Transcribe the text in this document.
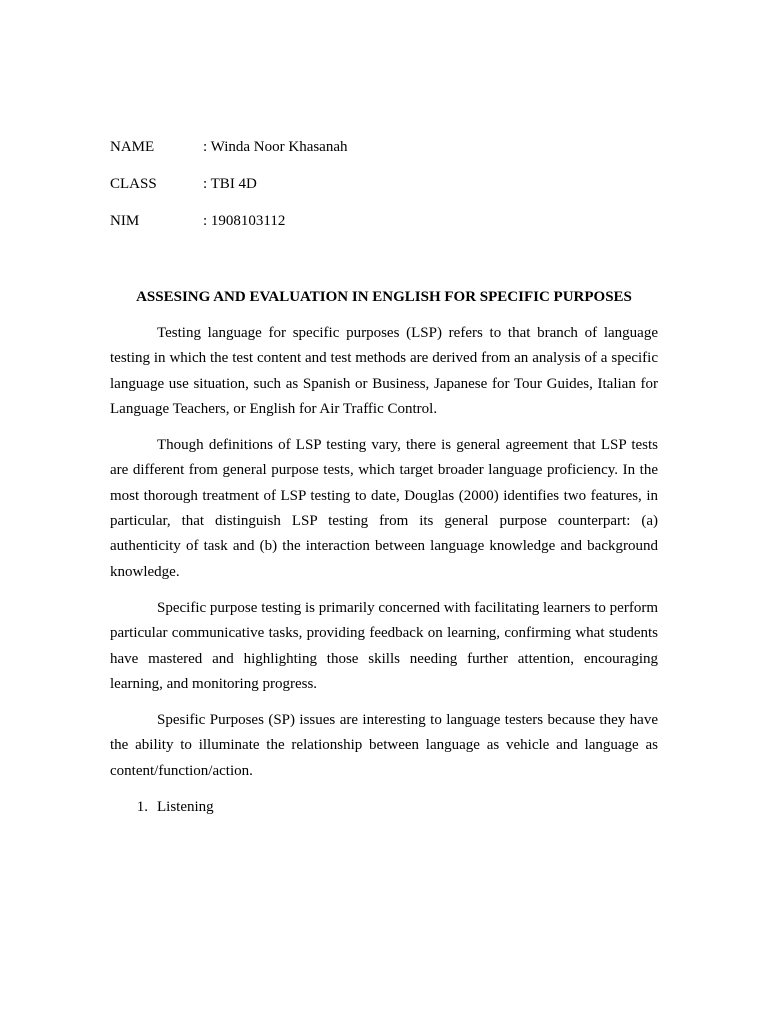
NAME	: Winda Noor Khasanah
CLASS	: TBI 4D
NIM	: 1908103112

ASSESING AND EVALUATION IN ENGLISH FOR SPECIFIC PURPOSES

Testing language for specific purposes (LSP) refers to that branch of language testing in which the test content and test methods are derived from an analysis of a specific language use situation, such as Spanish or Business, Japanese for Tour Guides, Italian for Language Teachers, or English for Air Traffic Control.

Though definitions of LSP testing vary, there is general agreement that LSP tests are different from general purpose tests, which target broader language proficiency. In the most thorough treatment of LSP testing to date, Douglas (2000) identifies two features, in particular, that distinguish LSP testing from its general purpose counterpart: (a) authenticity of task and (b) the interaction between language knowledge and background knowledge.

Specific purpose testing is primarily concerned with facilitating learners to perform particular communicative tasks, providing feedback on learning, confirming what students have mastered and highlighting those skills needing further attention, encouraging learning, and monitoring progress.

Spesific Purposes (SP) issues are interesting to language testers because they have the ability to illuminate the relationship between language as vehicle and language as content/function/action.

1. Listening
